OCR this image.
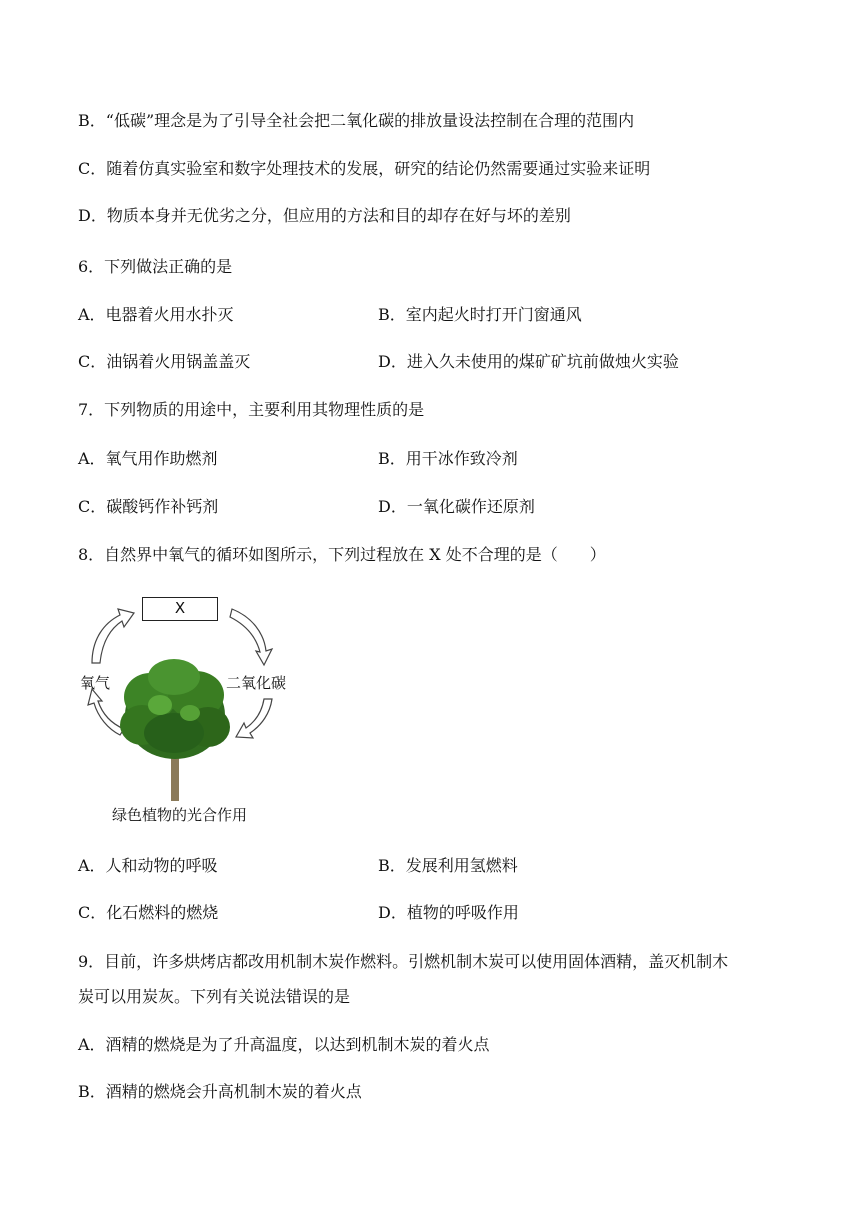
B．“低碳”理念是为了引导全社会把二氧化碳的排放量设法控制在合理的范围内
C．随着仿真实验室和数字处理技术的发展，研究的结论仍然需要通过实验来证明
D．物质本身并无优劣之分，但应用的方法和目的却存在好与坏的差别
6．下列做法正确的是
A．电器着火用水扑灭	B．室内起火时打开门窗通风
C．油锅着火用锅盖盖灭	D．进入久未使用的煤矿矿坑前做烛火实验
7．下列物质的用途中，主要利用其物理性质的是
A．氧气用作助燃剂	B．用干冰作致冷剂
C．碳酸钙作补钙剂	D．一氧化碳作还原剂
8．自然界中氧气的循环如图所示，下列过程放在 X 处不合理的是（　　）
X
氧气	二氧化碳
绿色植物的光合作用
A．人和动物的呼吸	B．发展利用氢燃料
C．化石燃料的燃烧	D．植物的呼吸作用
9．目前，许多烘烤店都改用机制木炭作燃料。引燃机制木炭可以使用固体酒精，盖灭机制木
炭可以用炭灰。下列有关说法错误的是
A．酒精的燃烧是为了升高温度，以达到机制木炭的着火点
B．酒精的燃烧会升高机制木炭的着火点
